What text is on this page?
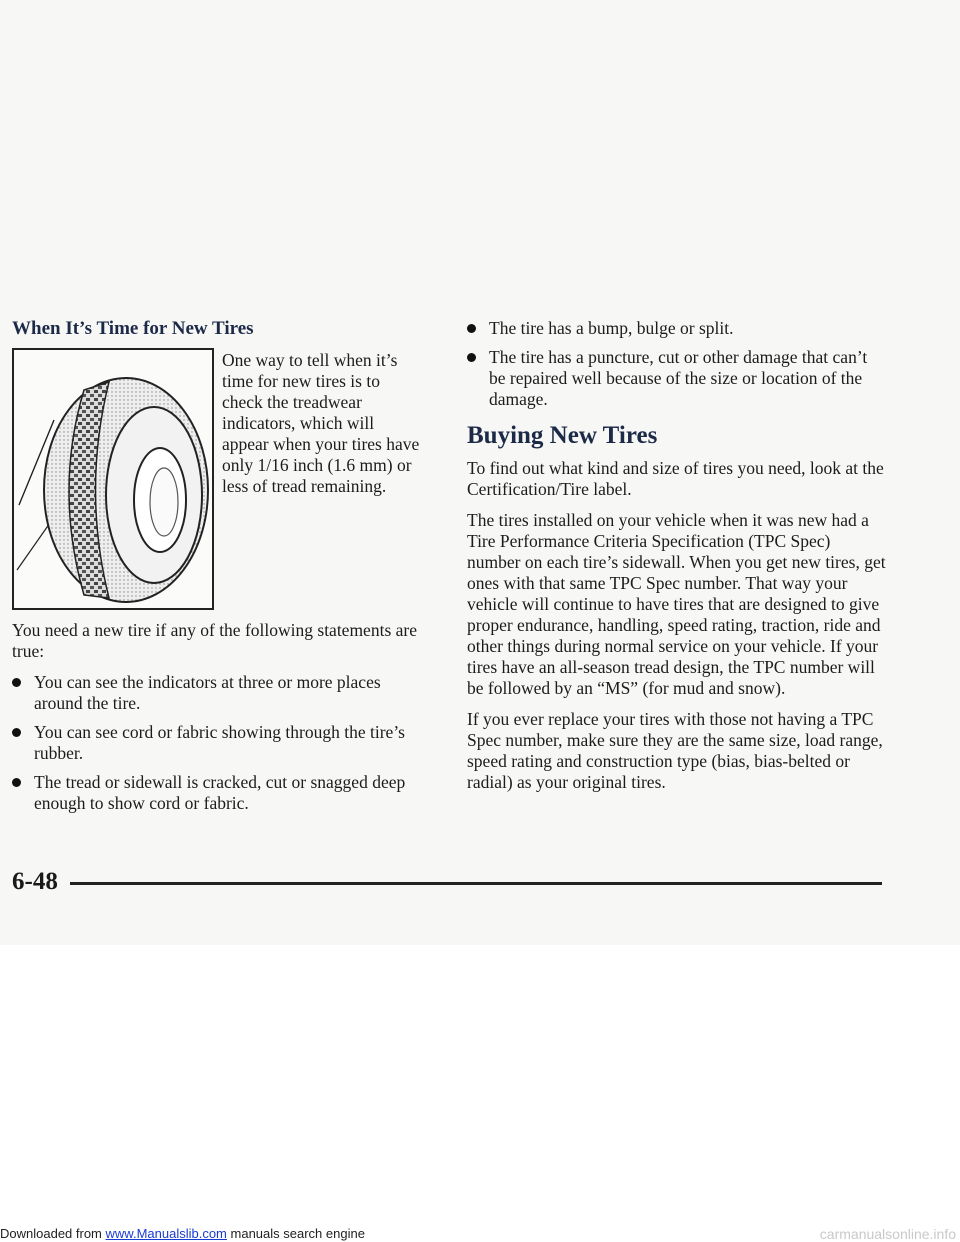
When It’s Time for New Tires

One way to tell when it’s time for new tires is to check the treadwear indicators, which will appear when your tires have only 1/16 inch (1.6 mm) or less of tread remaining.

You need a new tire if any of the following statements are true:

You can see the indicators at three or more places around the tire.
You can see cord or fabric showing through the tire’s rubber.
The tread or sidewall is cracked, cut or snagged deep enough to show cord or fabric.
The tire has a bump, bulge or split.
The tire has a puncture, cut or other damage that can’t be repaired well because of the size or location of the damage.
Buying New Tires

To find out what kind and size of tires you need, look at the Certification/Tire label.

The tires installed on your vehicle when it was new had a Tire Performance Criteria Specification (TPC Spec) number on each tire’s sidewall. When you get new tires, get ones with that same TPC Spec number. That way your vehicle will continue to have tires that are designed to give proper endurance, handling, speed rating, traction, ride and other things during normal service on your vehicle. If your tires have an all-season tread design, the TPC number will be followed by an “MS” (for mud and snow).

If you ever replace your tires with those not having a TPC Spec number, make sure they are the same size, load range, speed rating and construction type (bias, bias-belted or radial) as your original tires.

6-48
Downloaded from www.Manualslib.com manuals search engine	carmanualsonline.info
